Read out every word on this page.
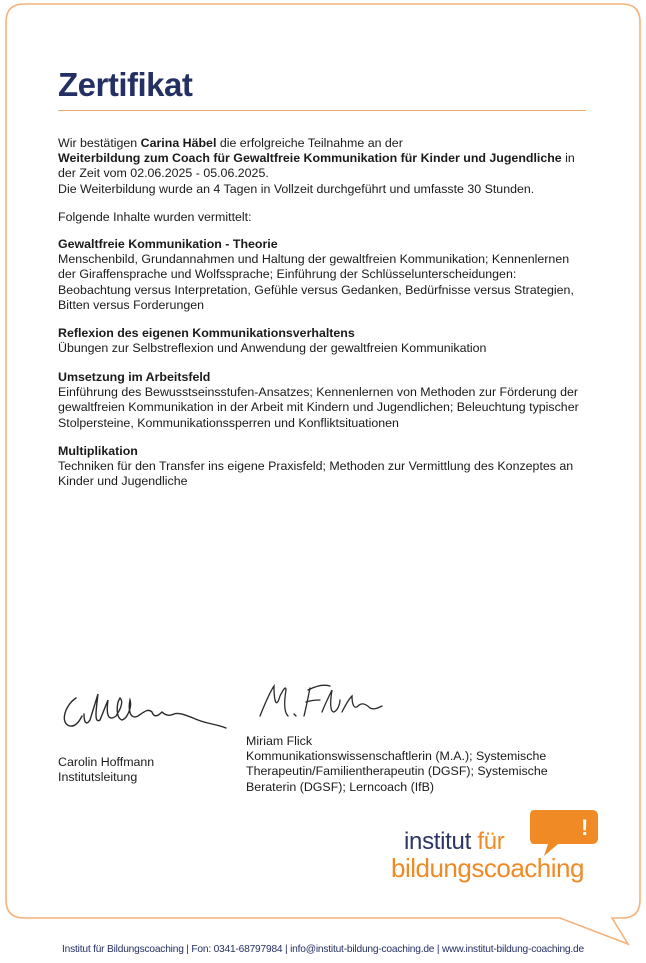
Zertifikat
Wir bestätigen Carina Häbel die erfolgreiche Teilnahme an der
Weiterbildung zum Coach für Gewaltfreie Kommunikation für Kinder und Jugendliche in der Zeit vom 02.06.2025 - 05.06.2025.
Die Weiterbildung wurde an 4 Tagen in Vollzeit durchgeführt und umfasste 30 Stunden.
Folgende Inhalte wurden vermittelt:
Gewaltfreie Kommunikation - Theorie
Menschenbild, Grundannahmen und Haltung der gewaltfreien Kommunikation; Kennenlernen der Giraffensprache und Wolfssprache; Einführung der Schlüsselunterscheidungen: Beobachtung versus Interpretation, Gefühle versus Gedanken, Bedürfnisse versus Strategien, Bitten versus Forderungen
Reflexion des eigenen Kommunikationsverhaltens
Übungen zur Selbstreflexion und Anwendung der gewaltfreien Kommunikation
Umsetzung im Arbeitsfeld
Einführung des Bewusstseinsstufen-Ansatzes; Kennenlernen von Methoden zur Förderung der gewaltfreien Kommunikation in der Arbeit mit Kindern und Jugendlichen; Beleuchtung typischer Stolpersteine, Kommunikationssperren und Konfliktsituationen
Multiplikation
Techniken für den Transfer ins eigene Praxisfeld; Methoden zur Vermittlung des Konzeptes an Kinder und Jugendliche
Carolin Hoffmann
Institutsleitung
Miriam Flick
Kommunikationswissenschaftlerin (M.A.); Systemische Therapeutin/Familientherapeutin (DGSF); Systemische Beraterin (DGSF); Lerncoach (IfB)
!
institut für
bildungscoaching
Institut für Bildungscoaching | Fon: 0341-68797984 | info@institut-bildung-coaching.de | www.institut-bildung-coaching.de
